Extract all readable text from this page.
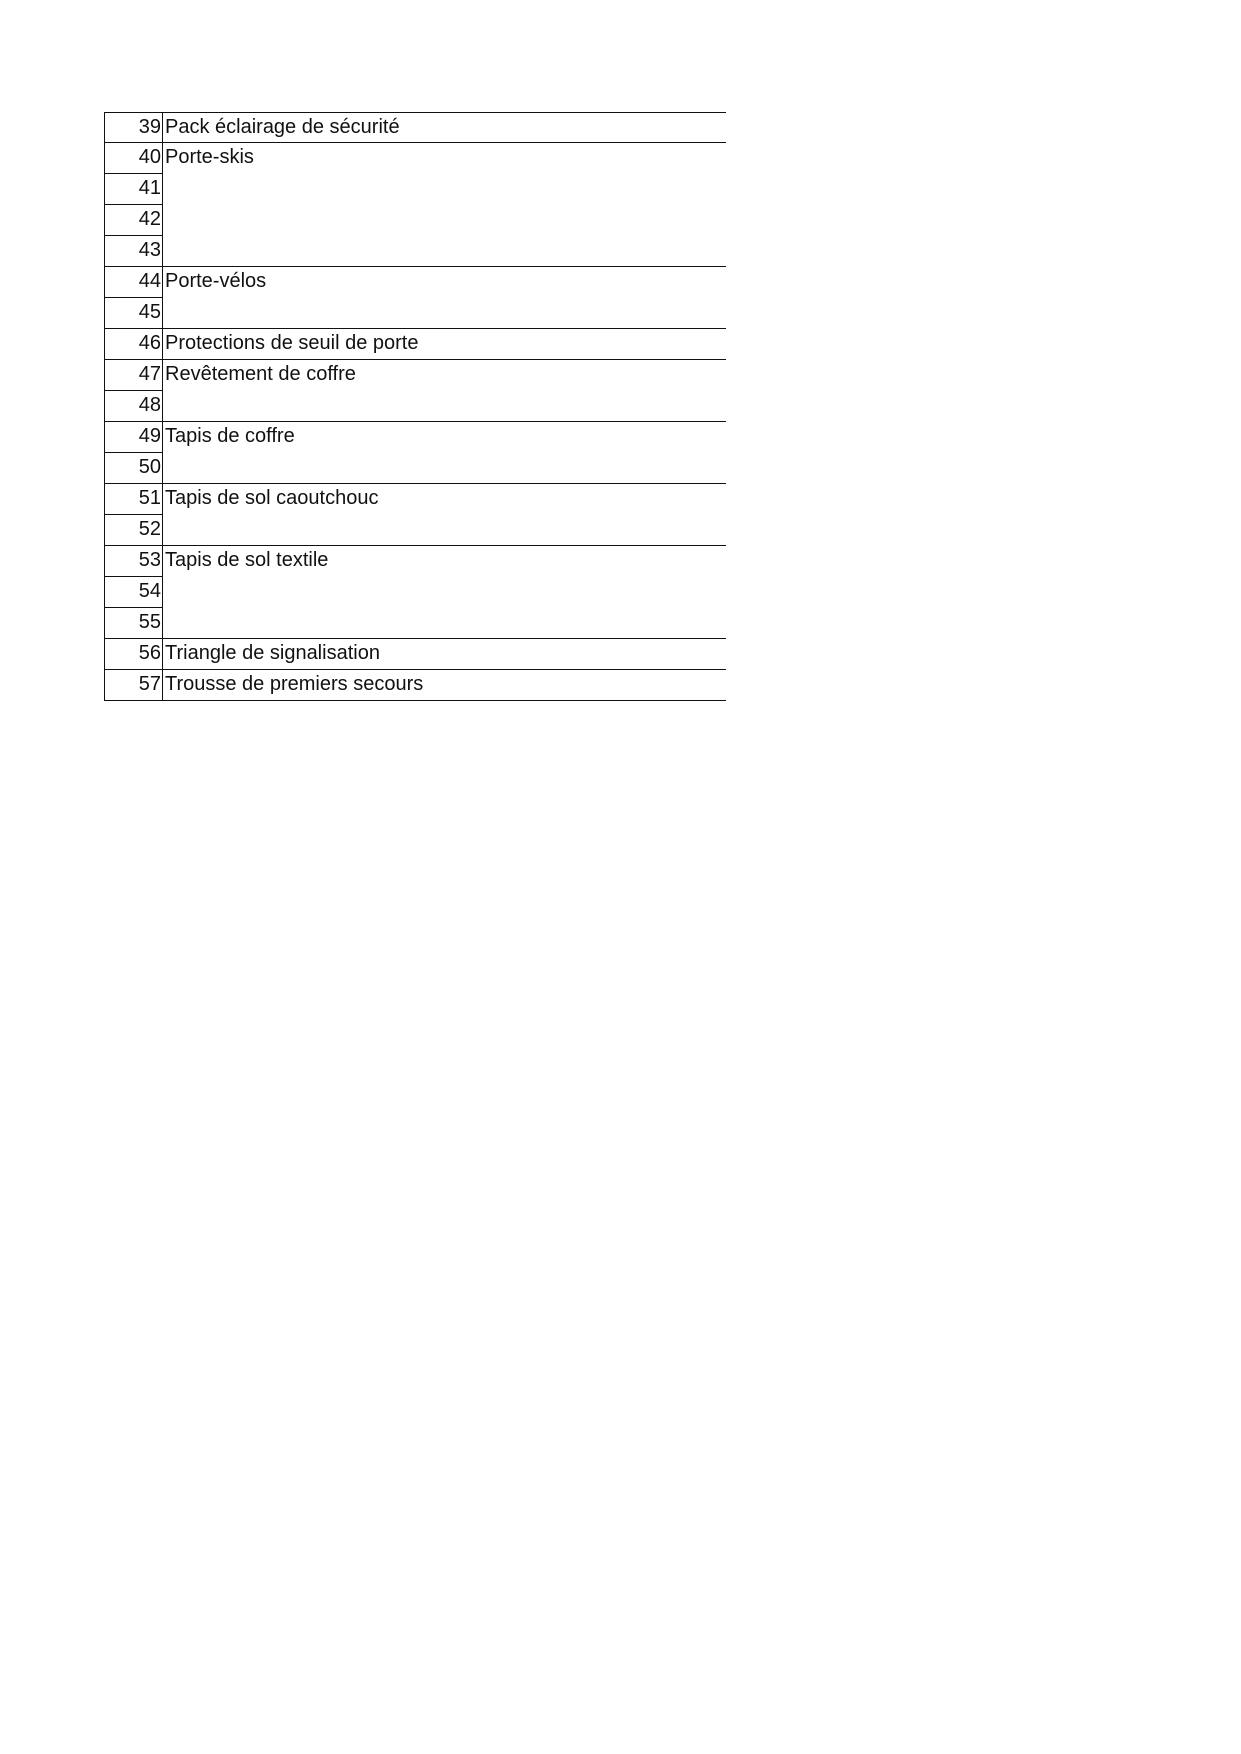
39 Pack éclairage de sécurité
40 Porte-skis
41
42
43
44 Porte-vélos
45
46 Protections de seuil de porte
47 Revêtement de coffre
48
49 Tapis de coffre
50
51 Tapis de sol caoutchouc
52
53 Tapis de sol textile
54
55
56 Triangle de signalisation
57 Trousse de premiers secours
